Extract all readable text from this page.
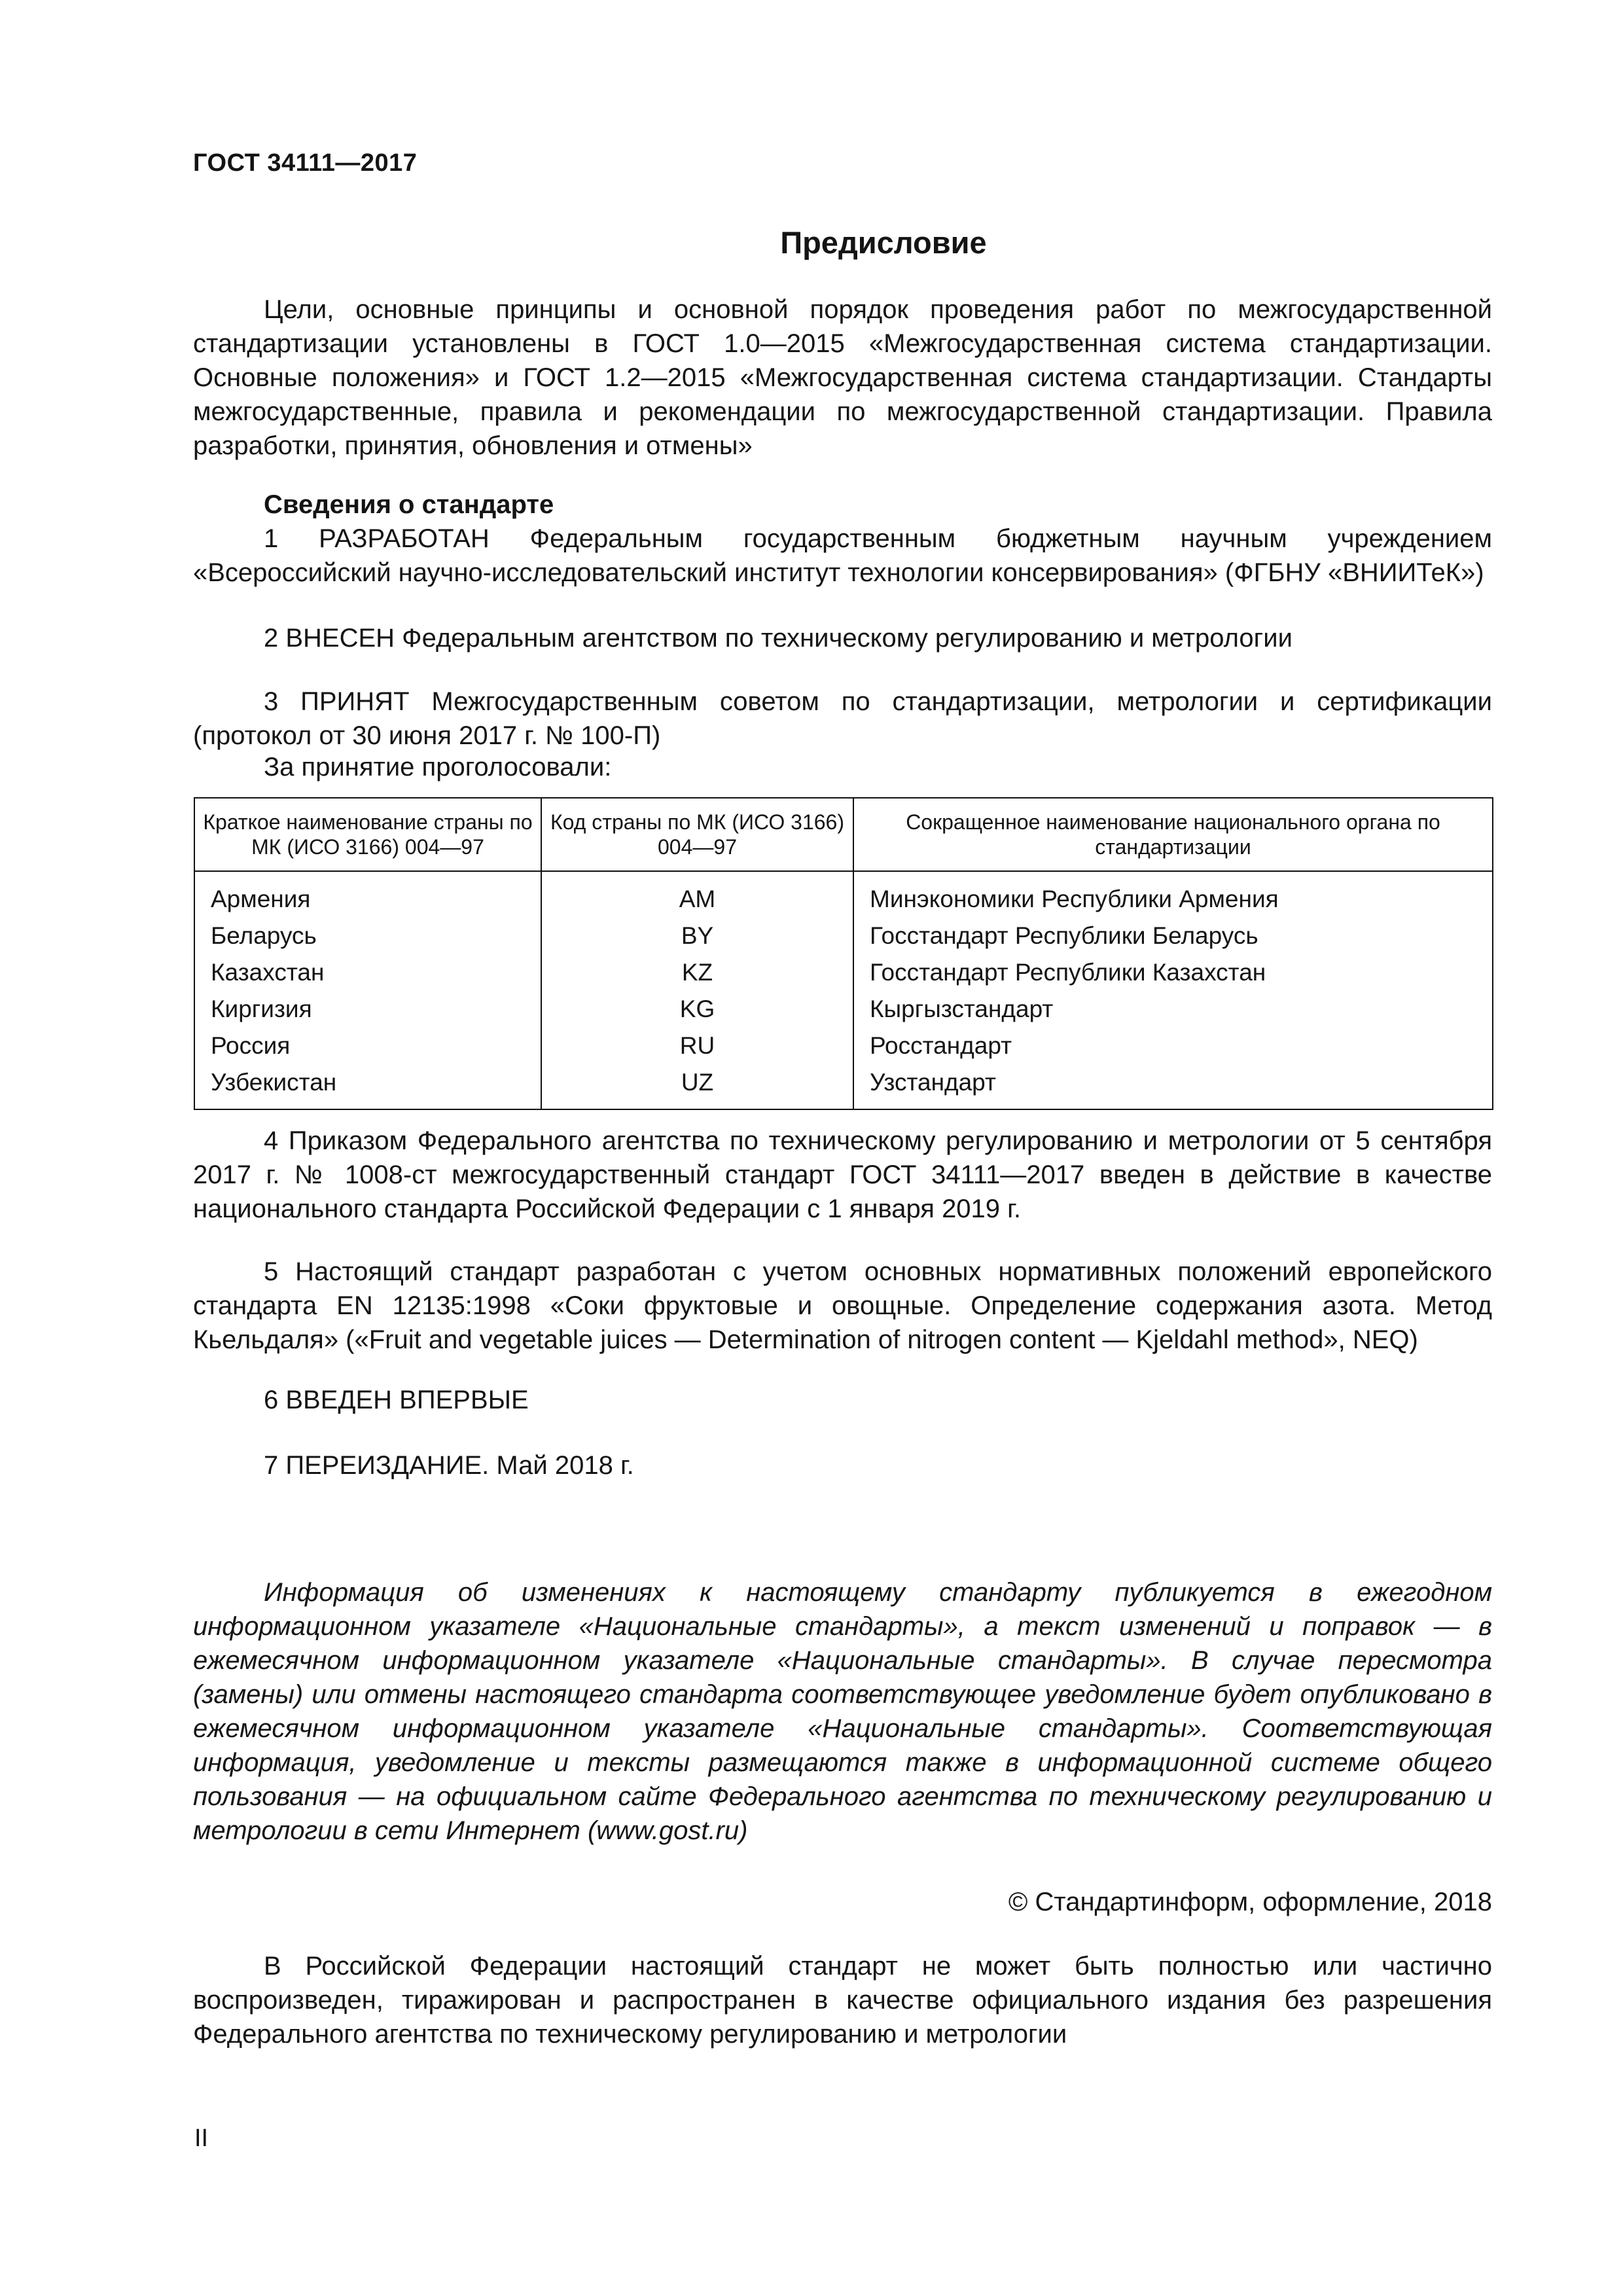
ГОСТ 34111—2017
Предисловие
Цели, основные принципы и основной порядок проведения работ по межгосударственной стандартизации установлены в ГОСТ 1.0—2015 «Межгосударственная система стандартизации. Основные положения» и ГОСТ 1.2—2015 «Межгосударственная система стандартизации. Стандарты межгосударственные, правила и рекомендации по межгосударственной стандартизации. Правила разработки, принятия, обновления и отмены»
Сведения о стандарте
1 РАЗРАБОТАН Федеральным государственным бюджетным научным учреждением «Всероссийский научно-исследовательский институт технологии консервирования» (ФГБНУ «ВНИИТеК»)
2 ВНЕСЕН Федеральным агентством по техническому регулированию и метрологии
3 ПРИНЯТ Межгосударственным советом по стандартизации, метрологии и сертификации (протокол от 30 июня 2017 г. № 100-П)
За принятие проголосовали:
Краткое наименование страны по МК (ИСО 3166) 004—97	Код страны по МК (ИСО 3166) 004—97	Сокращенное наименование национального органа по стандартизации
Армения	AM	Минэкономики Республики Армения
Беларусь	BY	Госстандарт Республики Беларусь
Казахстан	KZ	Госстандарт Республики Казахстан
Киргизия	KG	Кыргызстандарт
Россия	RU	Росстандарт
Узбекистан	UZ	Узстандарт
4 Приказом Федерального агентства по техническому регулированию и метрологии от 5 сентября 2017 г. № 1008-ст межгосударственный стандарт ГОСТ 34111—2017 введен в действие в качестве национального стандарта Российской Федерации с 1 января 2019 г.
5 Настоящий стандарт разработан с учетом основных нормативных положений европейского стандарта EN 12135:1998 «Соки фруктовые и овощные. Определение содержания азота. Метод Кьельдаля» («Fruit and vegetable juices — Determination of nitrogen content — Kjeldahl method», NEQ)
6 ВВЕДЕН ВПЕРВЫЕ
7 ПЕРЕИЗДАНИЕ. Май 2018 г.
Информация об изменениях к настоящему стандарту публикуется в ежегодном информационном указателе «Национальные стандарты», а текст изменений и поправок — в ежемесячном информационном указателе «Национальные стандарты». В случае пересмотра (замены) или отмены настоящего стандарта соответствующее уведомление будет опубликовано в ежемесячном информационном указателе «Национальные стандарты». Соответствующая информация, уведомление и тексты размещаются также в информационной системе общего пользования — на официальном сайте Федерального агентства по техническому регулированию и метрологии в сети Интернет (www.gost.ru)
© Стандартинформ, оформление, 2018
В Российской Федерации настоящий стандарт не может быть полностью или частично воспроизведен, тиражирован и распространен в качестве официального издания без разрешения Федерального агентства по техническому регулированию и метрологии
II
